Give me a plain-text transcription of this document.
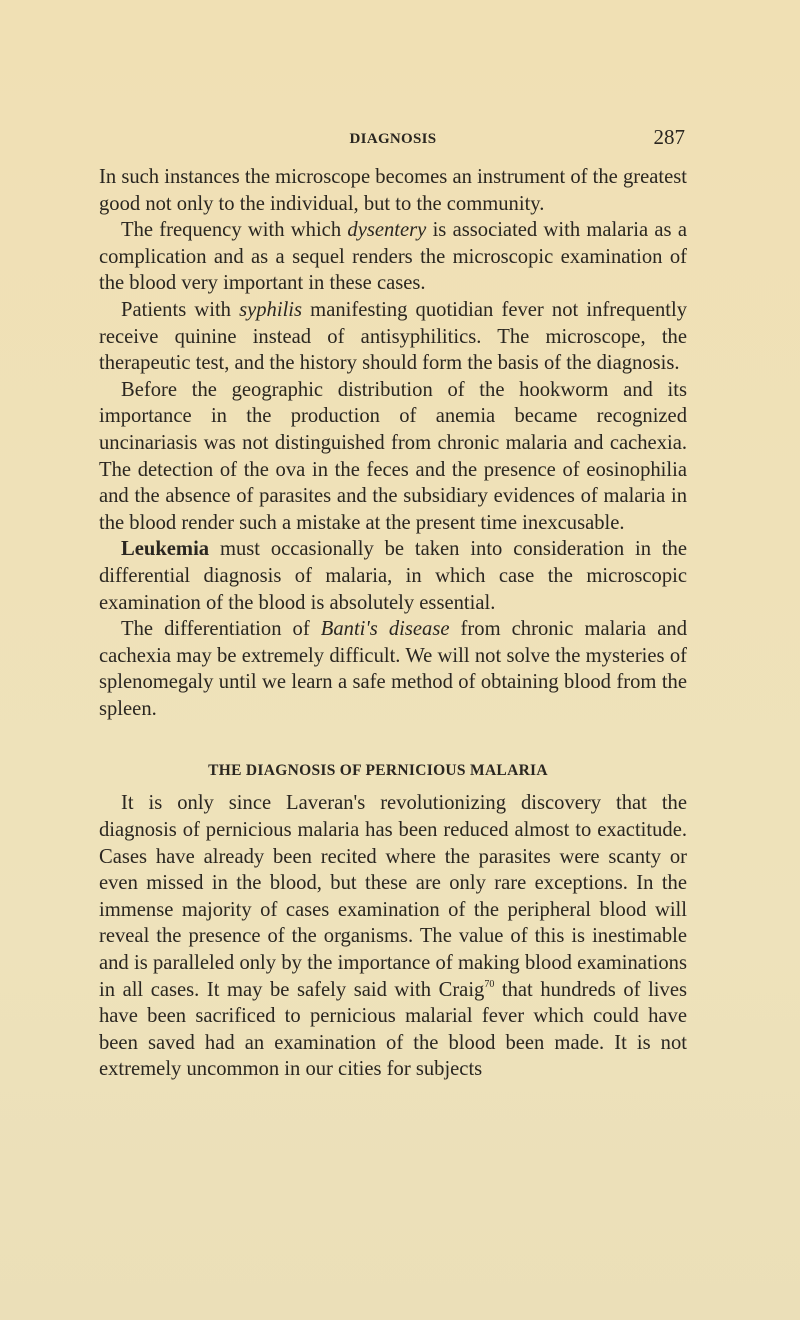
DIAGNOSIS	287

In such instances the microscope becomes an instrument of the greatest good not only to the individual, but to the community.

The frequency with which dysentery is associated with malaria as a complication and as a sequel renders the microscopic examination of the blood very important in these cases.

Patients with syphilis manifesting quotidian fever not infrequently receive quinine instead of antisyphilitics. The microscope, the therapeutic test, and the history should form the basis of the diagnosis.

Before the geographic distribution of the hookworm and its importance in the production of anemia became recognized uncinariasis was not distinguished from chronic malaria and cachexia. The detection of the ova in the feces and the presence of eosinophilia and the absence of parasites and the subsidiary evidences of malaria in the blood render such a mistake at the present time inexcusable.

Leukemia must occasionally be taken into consideration in the differential diagnosis of malaria, in which case the microscopic examination of the blood is absolutely essential.

The differentiation of Banti's disease from chronic malaria and cachexia may be extremely difficult. We will not solve the mysteries of splenomegaly until we learn a safe method of obtaining blood from the spleen.

THE DIAGNOSIS OF PERNICIOUS MALARIA

It is only since Laveran's revolutionizing discovery that the diagnosis of pernicious malaria has been reduced almost to exactitude. Cases have already been recited where the parasites were scanty or even missed in the blood, but these are only rare exceptions. In the immense majority of cases examination of the peripheral blood will reveal the presence of the organisms. The value of this is inestimable and is paralleled only by the importance of making blood examinations in all cases. It may be safely said with Craig$^{70}$ that hundreds of lives have been sacrificed to pernicious malarial fever which could have been saved had an examination of the blood been made. It is not extremely uncommon in our cities for subjects
